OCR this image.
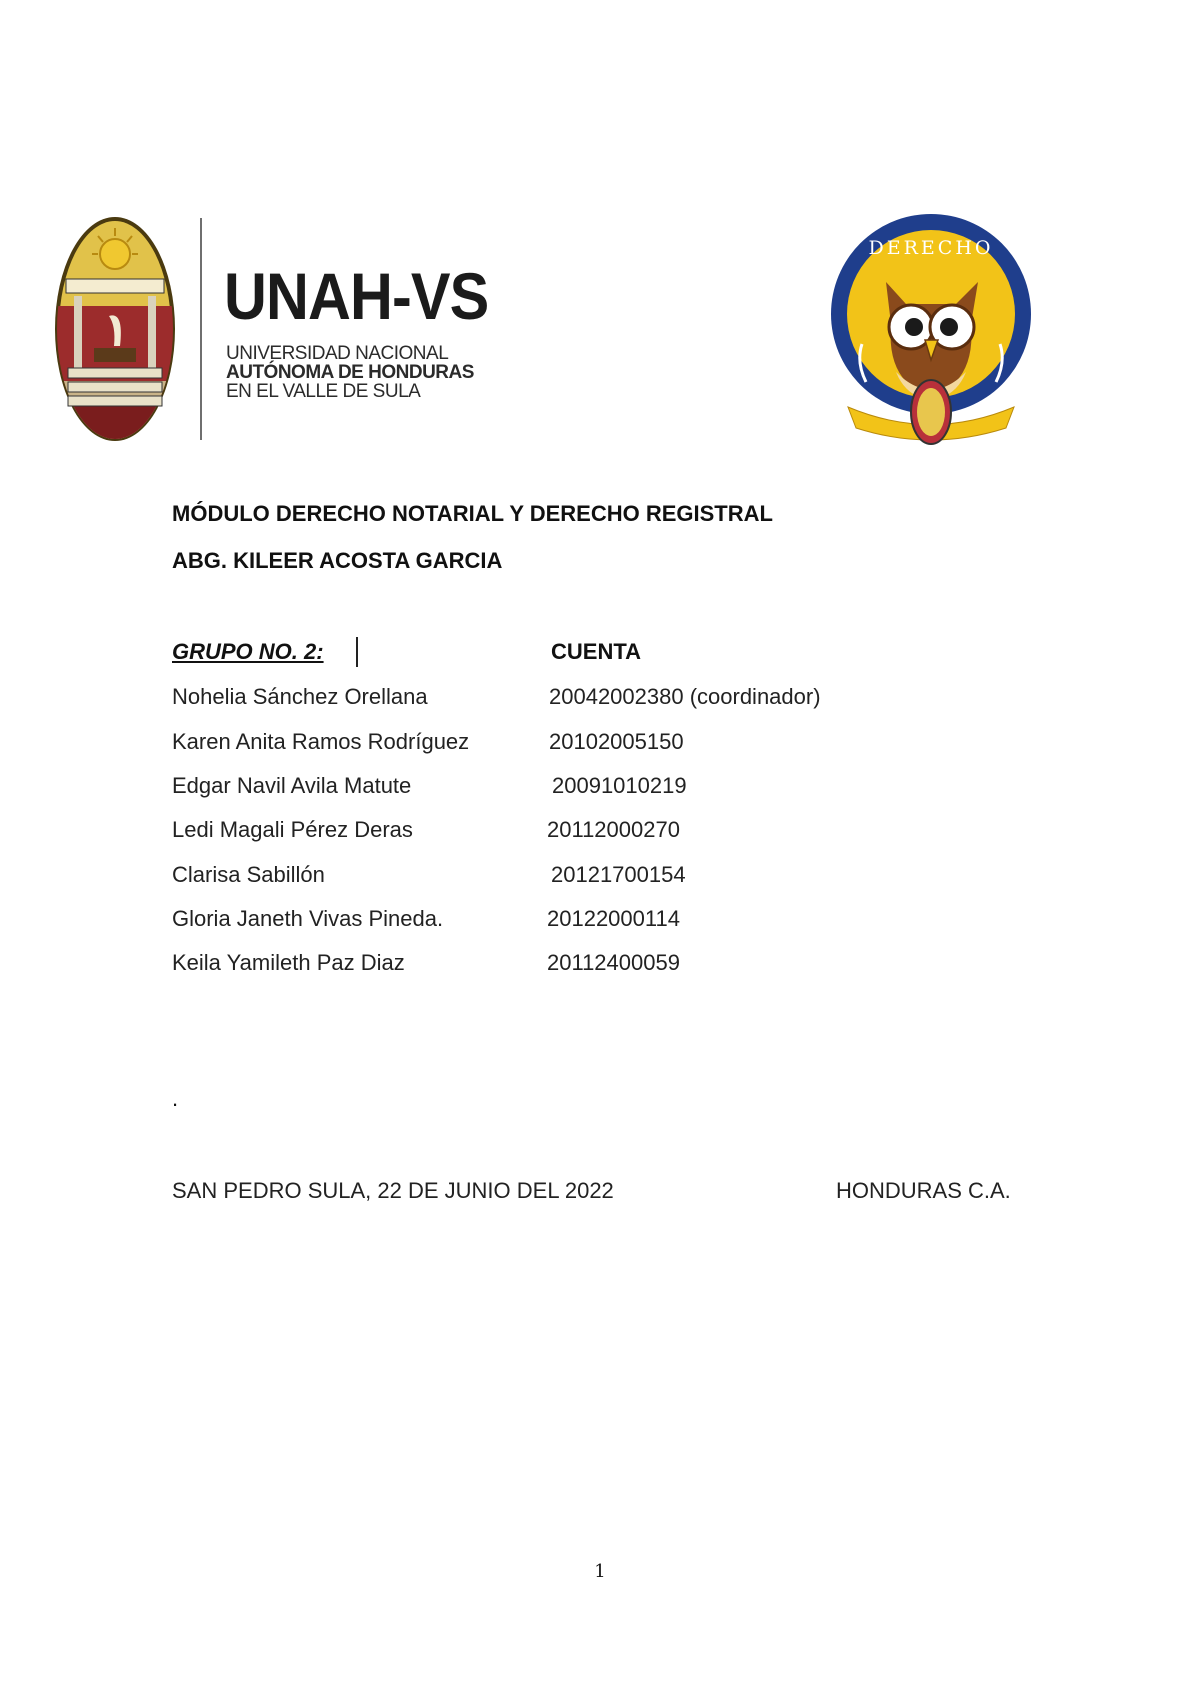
UNAH-VS
UNIVERSIDAD NACIONAL
AUTÓNOMA DE HONDURAS
EN EL VALLE DE SULA
DERECHO
MÓDULO DERECHO NOTARIAL Y DERECHO REGISTRAL
ABG. KILEER ACOSTA GARCIA
GRUPO NO. 2:	CUENTA
Nohelia Sánchez Orellana	20042002380 (coordinador)
Karen Anita Ramos Rodríguez	20102005150
Edgar Navil Avila Matute	20091010219
Ledi Magali Pérez Deras	20112000270
Clarisa Sabillón	20121700154
Gloria Janeth Vivas Pineda.	20122000114
Keila Yamileth Paz Diaz	20112400059
.
SAN PEDRO SULA, 22 DE JUNIO DEL 2022	HONDURAS C.A.
1
